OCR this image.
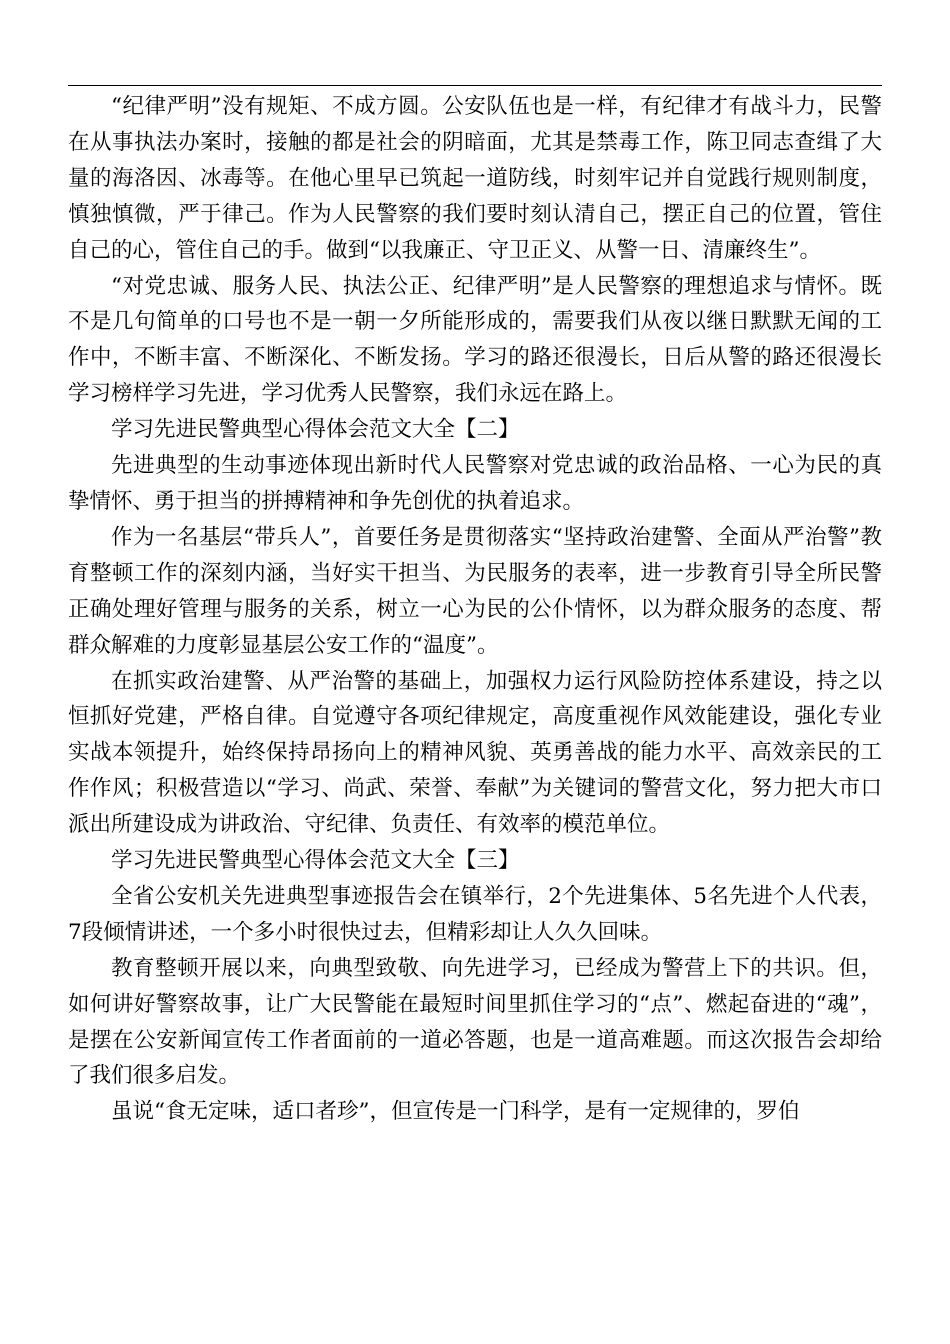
“纪律严明”没有规矩、不成方圆。公安队伍也是一样，有纪律才有战斗力，民警在从事执法办案时，接触的都是社会的阴暗面，尤其是禁毒工作，陈卫同志查缉了大量的海洛因、冰毒等。在他心里早已筑起一道防线，时刻牢记并自觉践行规则制度，慎独慎微，严于律己。作为人民警察的我们要时刻认清自己，摆正自己的位置，管住自己的心，管住自己的手。做到“以我廉正、守卫正义、从警一日、清廉终生”。

“对党忠诚、服务人民、执法公正、纪律严明”是人民警察的理想追求与情怀。既不是几句简单的口号也不是一朝一夕所能形成的，需要我们从夜以继日默默无闻的工作中，不断丰富、不断深化、不断发扬。学习的路还很漫长，日后从警的路还很漫长学习榜样学习先进，学习优秀人民警察，我们永远在路上。

学习先进民警典型心得体会范文大全【二】

先进典型的生动事迹体现出新时代人民警察对党忠诚的政治品格、一心为民的真挚情怀、勇于担当的拼搏精神和争先创优的执着追求。

作为一名基层“带兵人”，首要任务是贯彻落实“坚持政治建警、全面从严治警”教育整顿工作的深刻内涵，当好实干担当、为民服务的表率，进一步教育引导全所民警正确处理好管理与服务的关系，树立一心为民的公仆情怀，以为群众服务的态度、帮群众解难的力度彰显基层公安工作的“温度”。

在抓实政治建警、从严治警的基础上，加强权力运行风险防控体系建设，持之以恒抓好党建，严格自律。自觉遵守各项纪律规定，高度重视作风效能建设，强化专业实战本领提升，始终保持昂扬向上的精神风貌、英勇善战的能力水平、高效亲民的工作作风；积极营造以“学习、尚武、荣誉、奉献”为关键词的警营文化，努力把大市口派出所建设成为讲政治、守纪律、负责任、有效率的模范单位。

学习先进民警典型心得体会范文大全【三】

全省公安机关先进典型事迹报告会在镇举行，2个先进集体、5名先进个人代表，7段倾情讲述，一个多小时很快过去，但精彩却让人久久回味。

教育整顿开展以来，向典型致敬、向先进学习，已经成为警营上下的共识。但，如何讲好警察故事，让广大民警能在最短时间里抓住学习的“点”、燃起奋进的“魂”，是摆在公安新闻宣传工作者面前的一道必答题，也是一道高难题。而这次报告会却给了我们很多启发。

虽说“食无定味，适口者珍”，但宣传是一门科学，是有一定规律的，罗伯
